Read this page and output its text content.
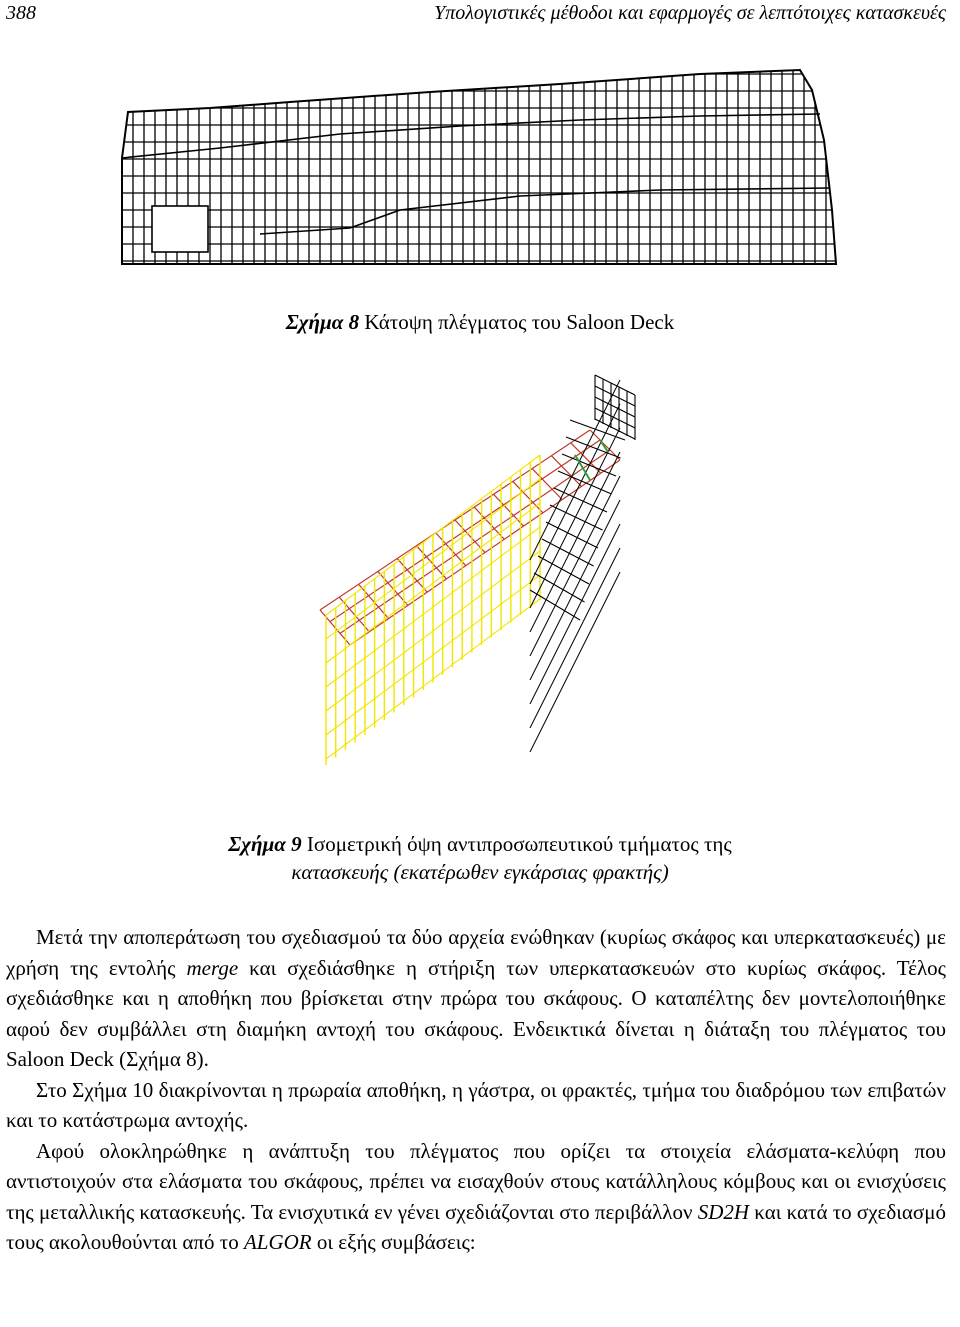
388	Υπολογιστικές μέθοδοι και εφαρμογές σε λεπτότοιχες κατασκευές
Σχήμα 8 Κάτοψη πλέγματος του Saloon Deck
Σχήμα 9 Ισομετρική όψη αντιπροσωπευτικού τμήματος της
κατασκευής (εκατέρωθεν εγκάρσιας φρακτής)

Μετά την αποπεράτωση του σχεδιασμού τα δύο αρχεία ενώθηκαν (κυρίως σκάφος και υπερκατασκευές) με χρήση της εντολής merge και σχεδιάσθηκε η στήριξη των υπερκατασκευών στο κυρίως σκάφος. Τέλος σχεδιάσθηκε και η αποθήκη που βρίσκεται στην πρώρα του σκάφους. Ο καταπέλτης δεν μοντελοποιήθηκε αφού δεν συμβάλλει στη διαμήκη αντοχή του σκάφους. Ενδεικτικά δίνεται η διάταξη του πλέγματος του Saloon Deck (Σχήμα 8).

Στο Σχήμα 10 διακρίνονται η πρωραία αποθήκη, η γάστρα, οι φρακτές, τμήμα του διαδρόμου των επιβατών και το κατάστρωμα αντοχής.

Αφού ολοκληρώθηκε η ανάπτυξη του πλέγματος που ορίζει τα στοιχεία ελάσματα-κελύφη που αντιστοιχούν στα ελάσματα του σκάφους, πρέπει να εισαχθούν στους κατάλληλους κόμβους και οι ενισχύσεις της μεταλλικής κατασκευής. Τα ενισχυτικά εν γένει σχεδιάζονται στο περιβάλλον SD2H και κατά το σχεδιασμό τους ακολουθούνται από το ALGOR οι εξής συμβάσεις:
